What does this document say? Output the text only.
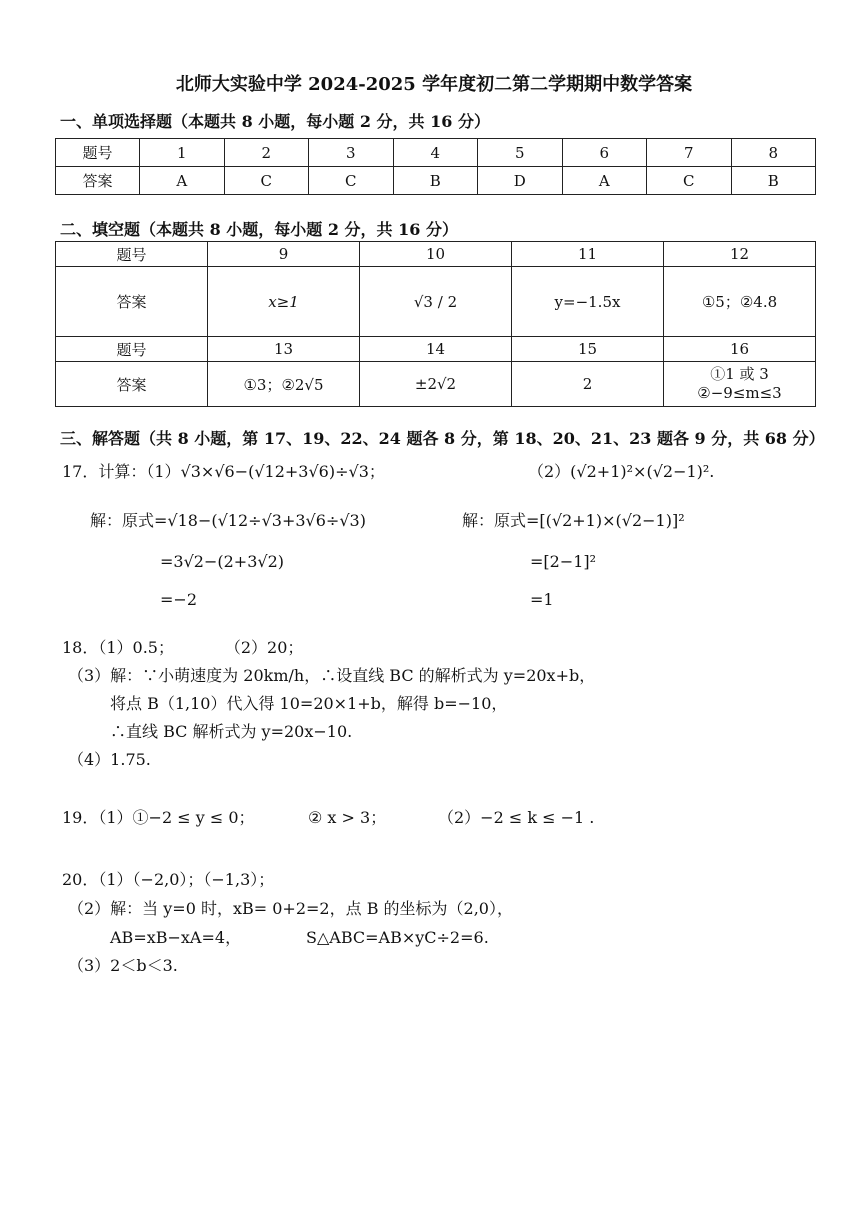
北师大实验中学 2024-2025 学年度初二第二学期期中数学答案
一、单项选择题（本题共 8 小题，每小题 2 分，共 16 分）
题号	1	2	3	4	5	6	7	8
答案	A	C	C	B	D	A	C	B
二、填空题（本题共 8 小题，每小题 2 分，共 16 分）
题号	9	10	11	12
答案	x≥1	√3 / 2	y=−1.5x	①5；②4.8
题号	13	14	15	16
答案	①3；②2√5	±2√2	2	①1 或 3
②−9≤m≤3
三、解答题（共 8 小题，第 17、19、22、24 题各 8 分，第 18、20、21、23 题各 9 分，共 68 分）
17．计算：（1）√3×√6−(√12+3√6)÷√3；	（2）(√2+1)²×(√2−1)².
解：原式=√18−(√12÷√3+3√6÷√3)
=3√2−(2+3√2)
=−2
解：原式=[(√2+1)×(√2−1)]²
=[2−1]²
=1
18．（1）0.5；          （2）20；
（3）解：∵小萌速度为 20km/h，∴设直线 BC 的解析式为 y=20x+b，
将点 B（1,10）代入得 10=20×1+b，解得 b=−10，
∴直线 BC 解析式为 y=20x−10.
（4）1.75.
19．（1）①−2 ≤ y ≤ 0；	② x > 3；	（2）−2 ≤ k ≤ −1 .
20．（1）（−2,0）；（−1,3）；
（2）解：当 y=0 时，xB= 0+2=2，点 B 的坐标为（2,0），
AB=xB−xA=4，	S△ABC=AB×yC÷2=6.
（3）2＜b＜3.
